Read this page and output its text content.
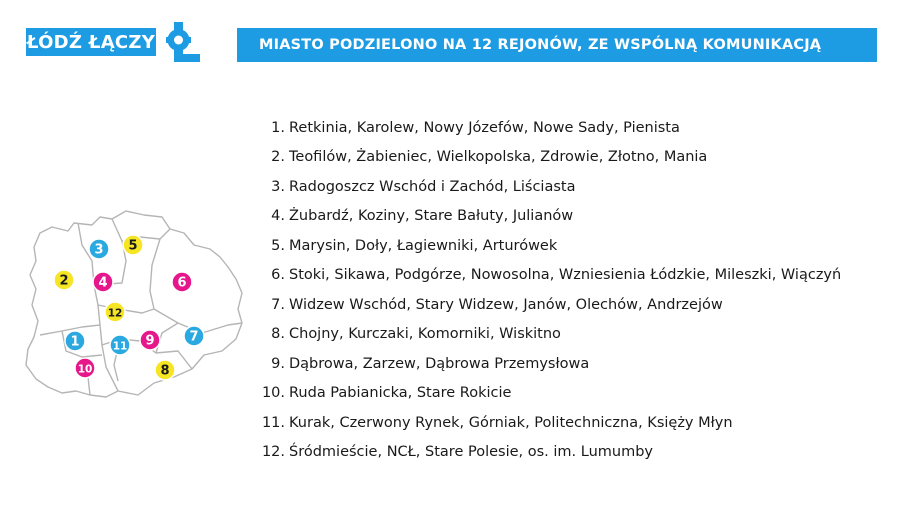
ŁÓDŹ ŁĄCZY	MIASTO PODZIELONO NA 12 REJONÓW, ZE WSPÓLNĄ KOMUNIKACJĄ
1
2
3
4
5
6
7
8
9
10
11
12
1. Retkinia, Karolew, Nowy Józefów, Nowe Sady, Pienista
2. Teofilów, Żabieniec, Wielkopolska, Zdrowie, Złotno, Mania
3. Radogoszcz Wschód i Zachód, Liściasta
4. Żubardź, Koziny, Stare Bałuty, Julianów
5. Marysin, Doły, Łagiewniki, Arturówek
6. Stoki, Sikawa, Podgórze, Nowosolna, Wzniesienia Łódzkie, Mileszki, Wiączyń
7. Widzew Wschód, Stary Widzew, Janów, Olechów, Andrzejów
8. Chojny, Kurczaki, Komorniki, Wiskitno
9. Dąbrowa, Zarzew, Dąbrowa Przemysłowa
10. Ruda Pabianicka, Stare Rokicie
11. Kurak, Czerwony Rynek, Górniak, Politechniczna, Księży Młyn
12. Śródmieście, NCŁ, Stare Polesie, os. im. Lumumby
